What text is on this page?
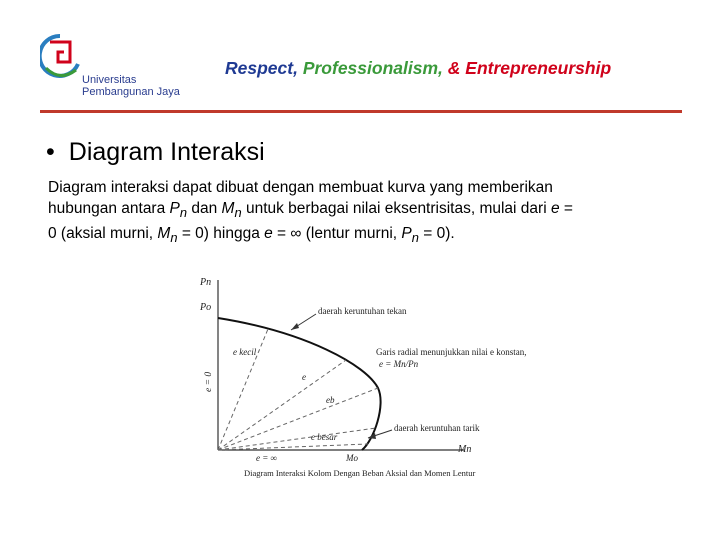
Universitas
Pembangunan Jaya
Respect, Professionalism, & Entrepreneurship
• Diagram Interaksi
Diagram interaksi dapat dibuat dengan membuat kurva yang memberikan
hubungan antara $P_n$ dan $M_n$ untuk berbagai nilai eksentrisitas, mulai dari e =
0 (aksial murni, $M_n = 0$) hingga e = ∞ (lentur murni, $P_n = 0$).
Pn
Po
e = 0
daerah keruntuhan tekan
e kecil	Garis radial menunjukkan nilai e konstan,
e = Mn/Pn
e
eb
daerah keruntuhan tarik
e besar
e = ∞
Mn
Mo
Diagram Interaksi Kolom Dengan Beban Aksial dan Momen Lentur
